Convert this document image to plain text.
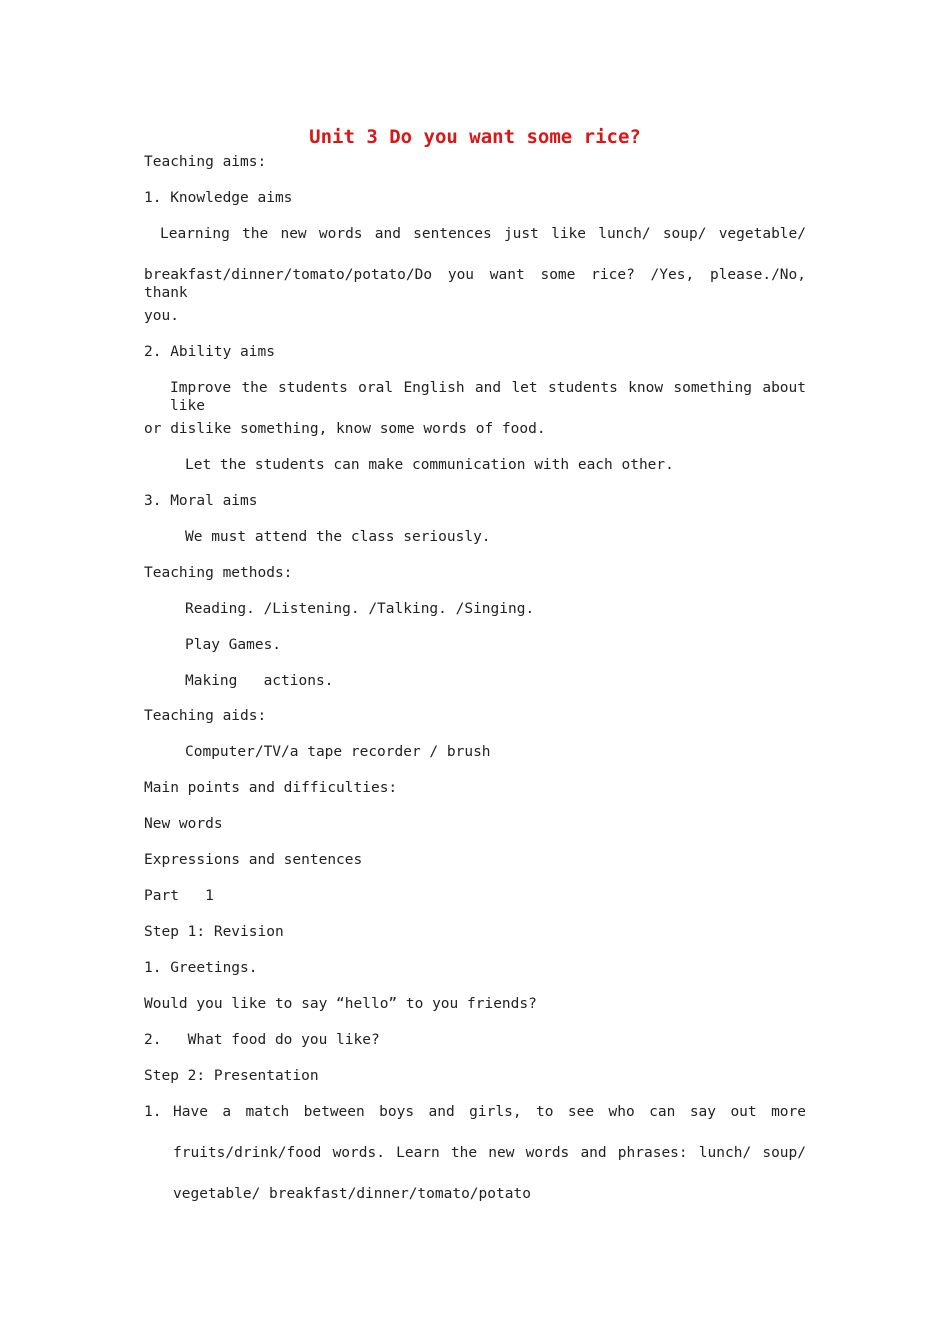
Unit 3 Do you want some rice?

Teaching aims:

1. Knowledge aims

Learning the new words and sentences just like lunch/ soup/ vegetable/

breakfast/dinner/tomato/potato/Do you want some rice? /Yes, please./No, thank

you.

2. Ability aims

Improve the students oral English and let students know something about like

or dislike something, know some words of food.

Let the students can make communication with each other.

3. Moral aims

We must attend the class seriously.

Teaching methods:

Reading. /Listening. /Talking. /Singing.

Play Games.

Making   actions.

Teaching aids:

Computer/TV/a tape recorder / brush

Main points and difficulties:

New words

Expressions and sentences

Part   1

Step 1: Revision

1. Greetings.

Would you like to say “hello” to you friends?

2.   What food do you like?

Step 2: Presentation

1. Have a match between boys and girls, to see who can say out more

fruits/drink/food words. Learn the new words and phrases: lunch/ soup/

vegetable/ breakfast/dinner/tomato/potato
